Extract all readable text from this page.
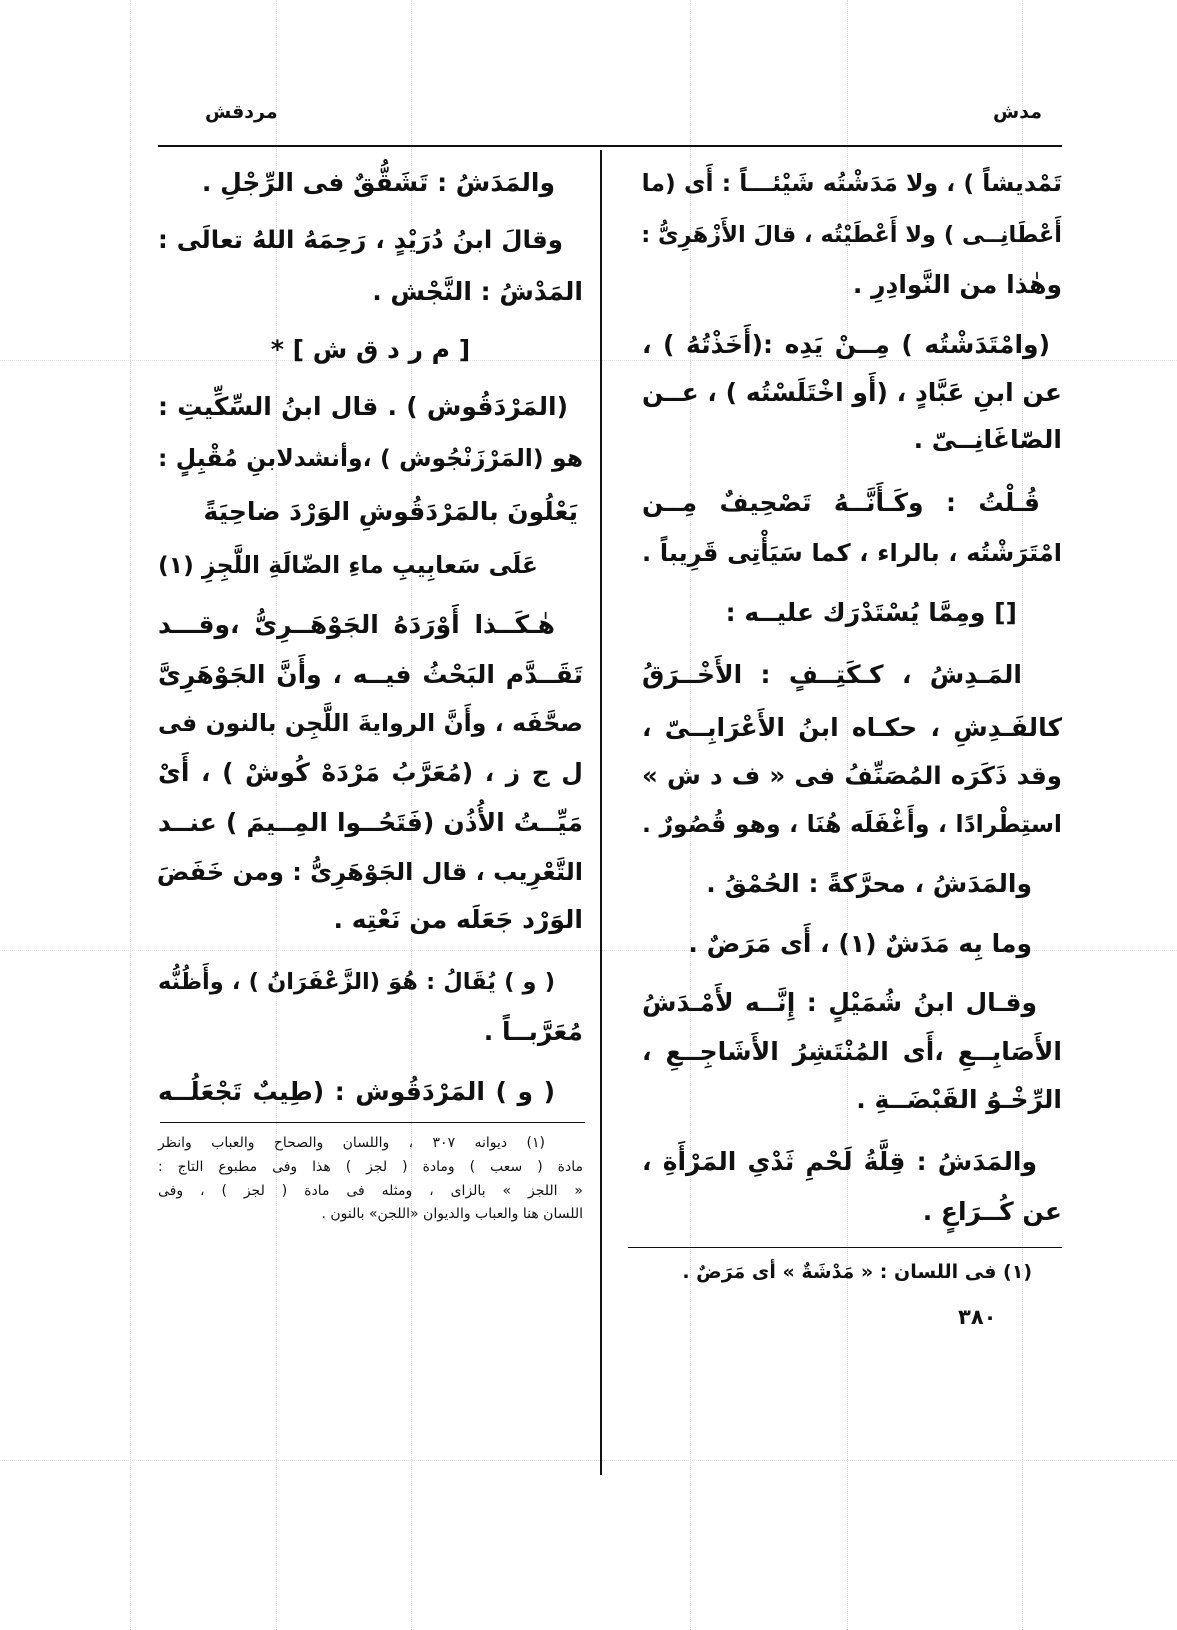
مدش
مردقش
تَمْديشاً ) ، ولا مَدَشْتُه شَيْئـــاً : أَى (ما
أَعْطَانِــى ) ولا أَعْطَيْتُه ، قالَ الأَزْهَرِىُّ :
وهٰذا من النَّوادِرِ .
(وامْتَدَشْتُه ) مِــنْ يَدِه :(أَخَذْتُهُ ) ،
عن ابنِ عَبَّادٍ ، (أَو اخْتَلَسْتُه ) ، عــن
الصّاغَانِــىّ .
قُـلْتُ : وكَـأَنَّــهُ تَصْحِيفٌ مِــن
امْتَرَشْتُه ، بالراء ، كما سَيَأْتِى قَرِيباً .
[] ومِمَّا يُسْتَدْرَك عليــه :
المَـدِشُ ، كـكَتِــفٍ : الأَخْــرَقُ
كالفَـدِشِ ، حكـاه ابنُ الأَعْرَابِــىّ ،
وقد ذَكَرَه المُصَنِّفُ فى « ف د ش »
استِطْرادًا ، وأَغْفَلَه هُنَا ، وهو قُصُورٌ .
والمَدَشُ ، محرَّكةً : الحُمْقُ .
وما بِه مَدَشٌ (١) ، أَى مَرَضٌ .
وقـال ابنُ شُمَيْلٍ : إِنَّــه لأَمْـدَشُ
الأَصَابِــعِ ،أَى المُنْتَشِرُ الأَشَاجِــعِ ،
الرِّخْـوُ القَبْضَــةِ .
والمَدَشُ : قِلَّةُ لَحْمِ ثَدْىِ المَرْأَةِ ،
عن كُــرَاعٍ .
(١) فى اللسان : « مَدْشَةٌ » أى مَرَضٌ .
والمَدَشُ : تَشَقُّقٌ فى الرِّجْلِ .
وقالَ ابنُ دُرَيْدٍ ، رَحِمَهُ اللهُ تعالَى :
المَدْشُ : النَّجْش .
[ م ر د ق ش ] *
(المَرْدَقُوش ) . قال ابنُ السِّكِّيتِ :
هو (المَرْزَنْجُوش ) ،وأنشدلابنِ مُقْبِلٍ :
يَعْلُونَ بالمَرْدَقُوشِ الوَرْدَ ضاحِيَةً
عَلَى سَعابِيبِ ماءِ الضّالَةِ اللَّجِزِ (١)
هٰـكَــذا أَوْرَدَهُ الجَوْهَــرِىُّ ،وقـــد
تَقَــدَّم البَحْثُ فيــه ، وأَنَّ الجَوْهَرِىَّ
صحَّفَه ، وأَنَّ الروايةَ اللَّجِن بالنون فى
ل ج ز ، (مُعَرَّبُ مَرْدَهْ كُوشْ ) ، أَىْ
مَيِّــتُ الأُذُن (فَتَحُــوا المِــيمَ ) عنــد
التَّعْرِيب ، قال الجَوْهَرِىُّ : ومن خَفَضَ
الوَرْد جَعَلَه من نَعْتِه .
( و ) يُقَالُ : هُوَ (الزَّعْفَرَانُ ) ، وأَظُنُّه
مُعَرَّبــاً .
( و ) المَرْدَقُوش : (طِيبٌ تَجْعَلُــه
(١) ديوانه ٣٠٧ ، واللسان والصحاح والعباب وانظر
مادة ( سعب ) ومادة ( لجز ) هذا وفى مطبوع التاج :
« اللجز » بالزاى ، ومثله فى مادة ( لجز ) ، وفى
اللسان هنا والعباب والديوان «اللجن» بالنون .
٣٨٠
